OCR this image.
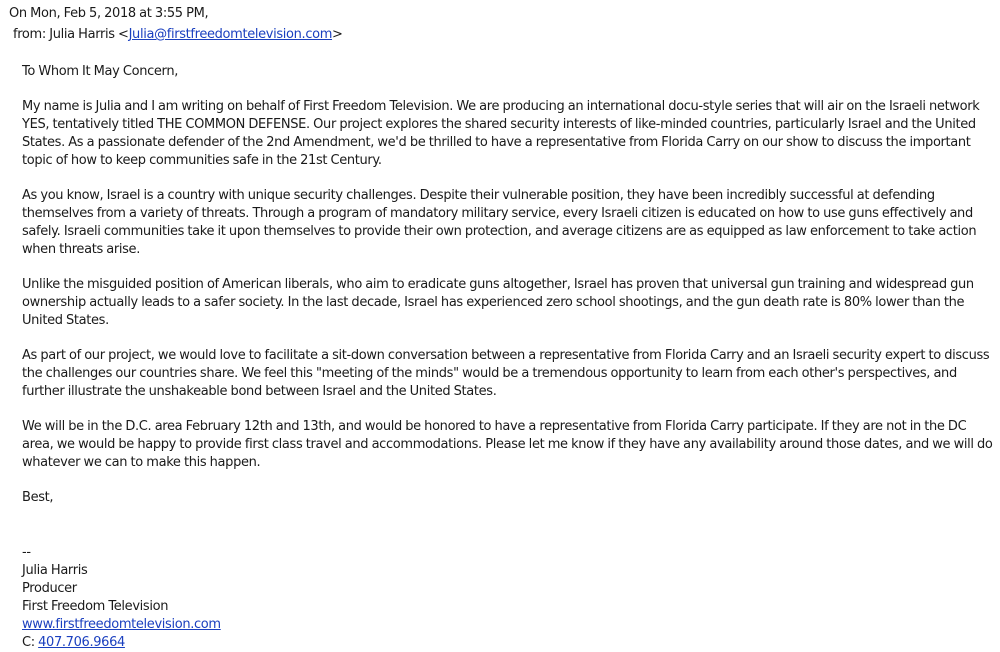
On Mon, Feb 5, 2018 at 3:55 PM,
from: Julia Harris <Julia@firstfreedomtelevision.com>

To Whom It May Concern,

My name is Julia and I am writing on behalf of First Freedom Television. We are producing an international docu-style series that will air on the Israeli network YES, tentatively titled THE COMMON DEFENSE. Our project explores the shared security interests of like-minded countries, particularly Israel and the United States. As a passionate defender of the 2nd Amendment, we'd be thrilled to have a representative from Florida Carry on our show to discuss the important topic of how to keep communities safe in the 21st Century.

As you know, Israel is a country with unique security challenges. Despite their vulnerable position, they have been incredibly successful at defending themselves from a variety of threats. Through a program of mandatory military service, every Israeli citizen is educated on how to use guns effectively and safely. Israeli communities take it upon themselves to provide their own protection, and average citizens are as equipped as law enforcement to take action when threats arise.

Unlike the misguided position of American liberals, who aim to eradicate guns altogether, Israel has proven that universal gun training and widespread gun ownership actually leads to a safer society. In the last decade, Israel has experienced zero school shootings, and the gun death rate is 80% lower than the United States.

As part of our project, we would love to facilitate a sit-down conversation between a representative from Florida Carry and an Israeli security expert to discuss the challenges our countries share. We feel this "meeting of the minds" would be a tremendous opportunity to learn from each other's perspectives, and further illustrate the unshakeable bond between Israel and the United States.

We will be in the D.C. area February 12th and 13th, and would be honored to have a representative from Florida Carry participate. If they are not in the DC area, we would be happy to provide first class travel and accommodations. Please let me know if they have any availability around those dates, and we will do whatever we can to make this happen.

Best,

--
Julia Harris
Producer
First Freedom Television
www.firstfreedomtelevision.com
C: 407.706.9664
